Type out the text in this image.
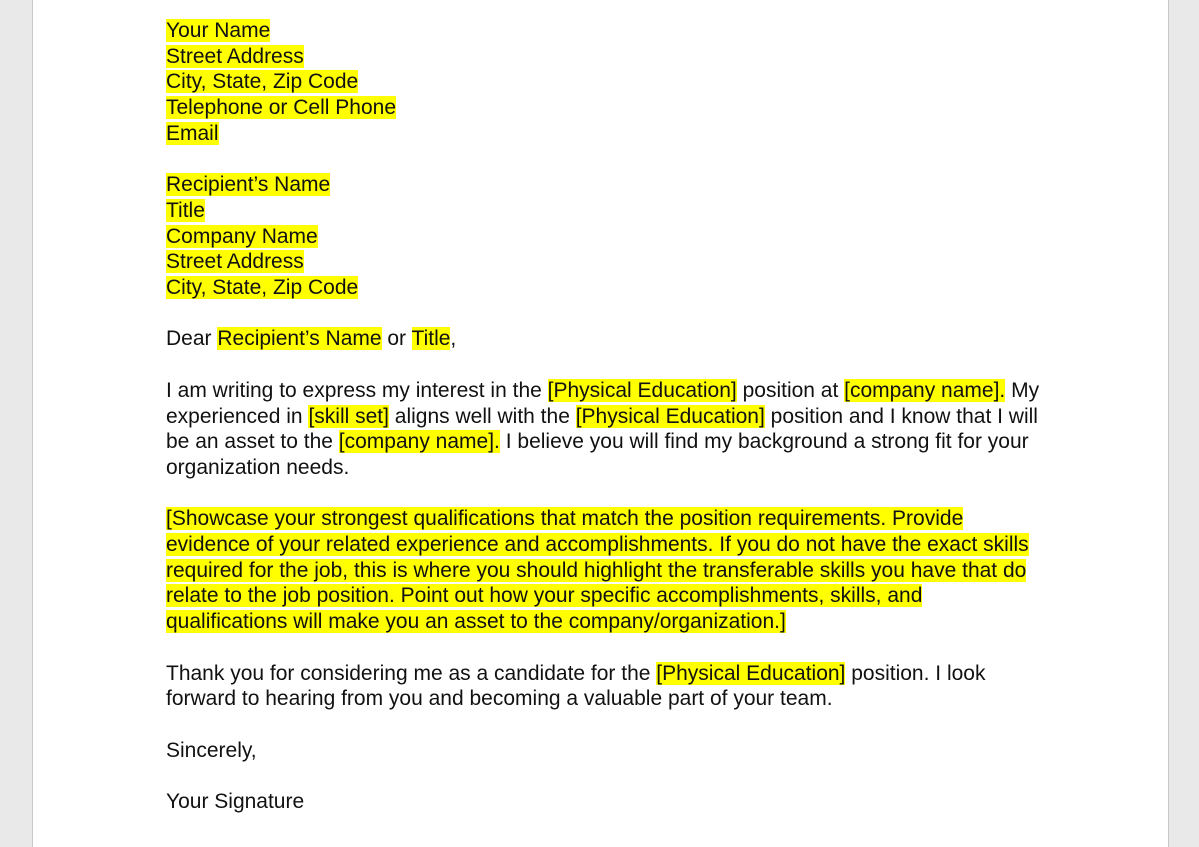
Your Name
Street Address
City, State, Zip Code
Telephone or Cell Phone
Email
Recipient’s Name
Title
Company Name
Street Address
City, State, Zip Code

Dear Recipient’s Name or Title,

I am writing to express my interest in the [Physical Education] position at [company name]. My experienced in [skill set] aligns well with the [Physical Education] position and I know that I will be an asset to the [company name]. I believe you will find my background a strong fit for your organization needs.

[Showcase your strongest qualifications that match the position requirements. Provide evidence of your related experience and accomplishments. If you do not have the exact skills required for the job, this is where you should highlight the transferable skills you have that do relate to the job position. Point out how your specific accomplishments, skills, and qualifications will make you an asset to the company/organization.]

Thank you for considering me as a candidate for the [Physical Education] position. I look forward to hearing from you and becoming a valuable part of your team.

Sincerely,

Your Signature
